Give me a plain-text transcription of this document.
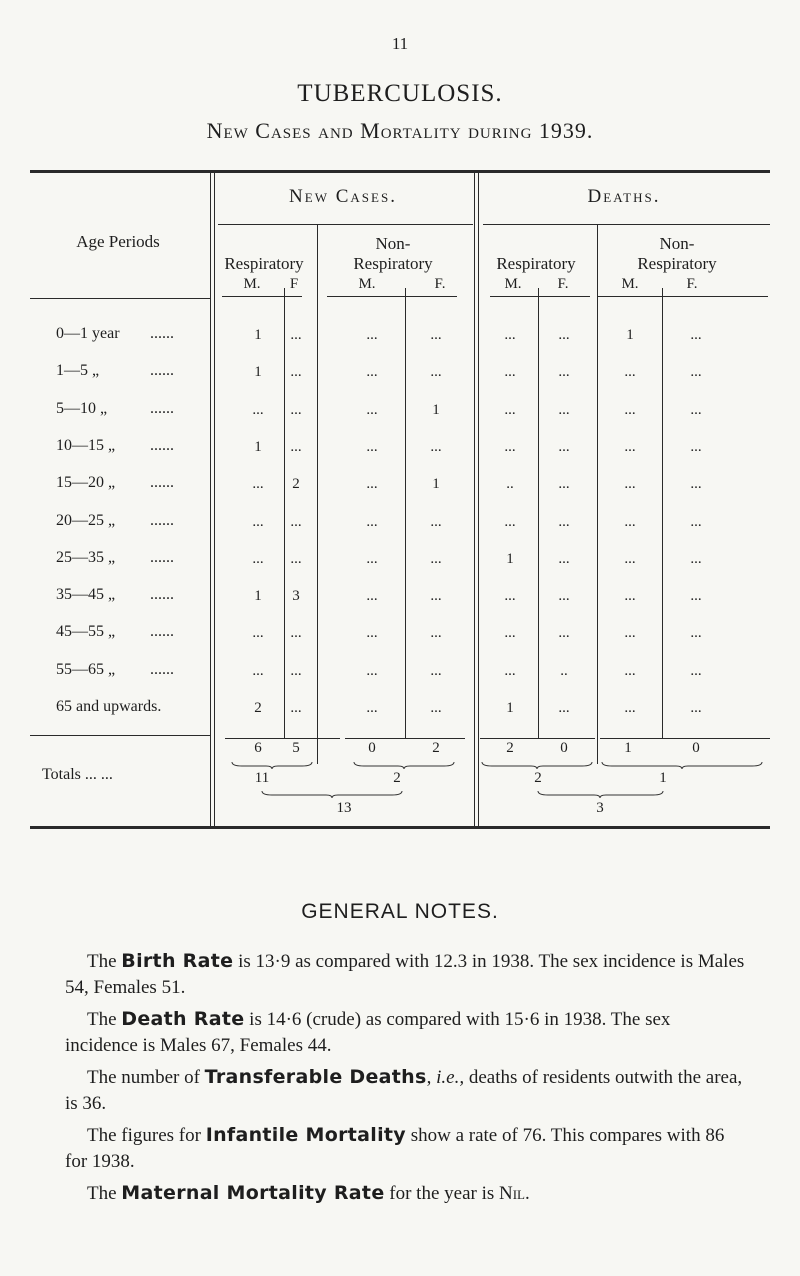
11
TUBERCULOSIS.
New Cases and Mortality during 1939.
New Cases.	Deaths.
Age Periods
Respiratory
Non-
Respiratory	Respiratory
Non-
Respiratory
M. F	M.	F.	M. F.	M.	F.
0—1 year ......	1 ...	...	...	...	...	1	...
1—5 „	......	1 ...	...	...	...	...	...	...
5—10 „	......	... ...	...	1	...	...	...	...
10—15 „ ......	1 ...	...	...	...	...	...	...
15—20 „ ......	... 2	...	1	..	...	...	...
20—25 „ ......	... ...	...	...	...	...	...	...
25—35 „ ......	... ...	...	...	1	...	...	...
35—45 „ ......	1 3	...	...	...	...	...	...
45—55 „ ......	... ...	...	...	...	...	...	...
55—65 „ ......	... ...	...	...	...	..	...	...
65 and upwards.	2 ...	...	...	1	...	...	...
Totals ... ...
6 5	0	2	2	0	1	0
11	2	2	1
13	3
GENERAL NOTES.
The Birth Rate is 13·9 as compared with 12.3 in 1938. The sex incidence is Males 54, Females 51.
The Death Rate is 14·6 (crude) as compared with 15·6 in 1938. The sex incidence is Males 67, Females 44.
The number of Transferable Deaths, i.e., deaths of residents outwith the area, is 36.
The figures for Infantile Mortality show a rate of 76. This compares with 86 for 1938.
The Maternal Mortality Rate for the year is Nil.
